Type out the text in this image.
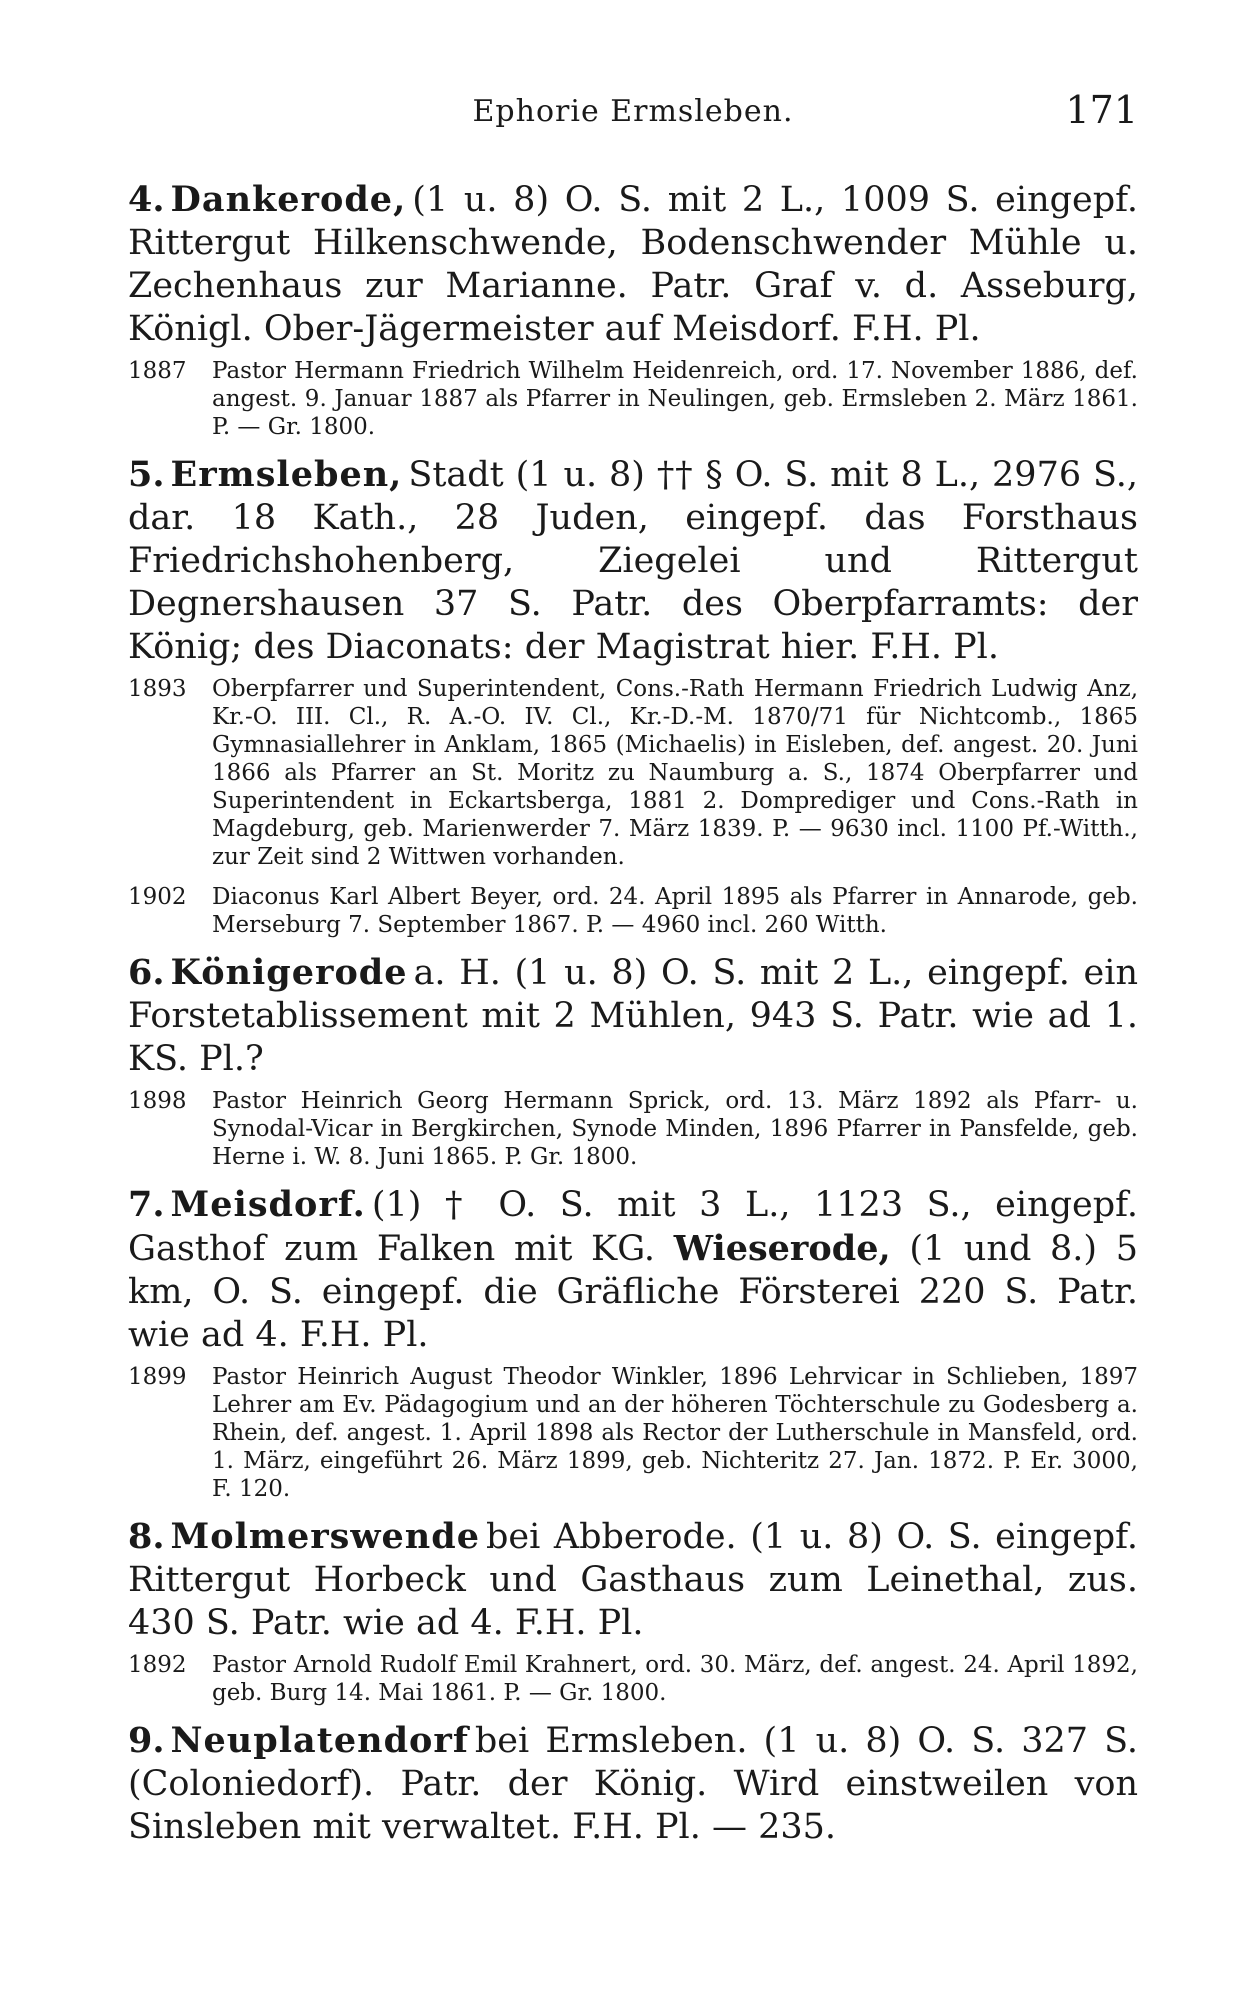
Ephorie Ermsleben.	171
4. Dankerode, (1 u. 8) O. S. mit 2 L., 1009 S. eingepf. Rittergut Hilkenschwende, Bodenschwender Mühle u. Zechenhaus zur Marianne. Patr. Graf v. d. Asseburg, Königl. Ober-Jägermeister auf Meisdorf. F.H. Pl.
1887	Pastor Hermann Friedrich Wilhelm Heidenreich, ord. 17. November 1886, def. angest. 9. Januar 1887 als Pfarrer in Neulingen, geb. Ermsleben 2. März 1861. P. — Gr. 1800.
5. Ermsleben, Stadt (1 u. 8) †† § O. S. mit 8 L., 2976 S., dar. 18 Kath., 28 Juden, eingepf. das Forsthaus Friedrichshohenberg, Ziegelei und Rittergut Degnershausen 37 S. Patr. des Oberpfarramts: der König; des Diaconats: der Magistrat hier. F.H. Pl.
1893	Oberpfarrer und Superintendent, Cons.-Rath Hermann Friedrich Ludwig Anz, Kr.-O. III. Cl., R. A.-O. IV. Cl., Kr.-D.-M. 1870/71 für Nichtcomb., 1865 Gymnasiallehrer in Anklam, 1865 (Michaelis) in Eisleben, def. angest. 20. Juni 1866 als Pfarrer an St. Moritz zu Naumburg a. S., 1874 Oberpfarrer und Superintendent in Eckartsberga, 1881 2. Domprediger und Cons.-Rath in Magdeburg, geb. Marienwerder 7. März 1839. P. — 9630 incl. 1100 Pf.-Witth., zur Zeit sind 2 Wittwen vorhanden.
1902	Diaconus Karl Albert Beyer, ord. 24. April 1895 als Pfarrer in Annarode, geb. Merseburg 7. September 1867. P. — 4960 incl. 260 Witth.
6. Königerode a. H. (1 u. 8) O. S. mit 2 L., eingepf. ein Forstetablissement mit 2 Mühlen, 943 S. Patr. wie ad 1. KS. Pl.?
1898	Pastor Heinrich Georg Hermann Sprick, ord. 13. März 1892 als Pfarr- u. Synodal-Vicar in Bergkirchen, Synode Minden, 1896 Pfarrer in Pansfelde, geb. Herne i. W. 8. Juni 1865. P. Gr. 1800.
7. Meisdorf. (1) † O. S. mit 3 L., 1123 S., eingepf. Gasthof zum Falken mit KG. Wieserode, (1 und 8.) 5 km, O. S. eingepf. die Gräfliche Försterei 220 S. Patr. wie ad 4. F.H. Pl.
1899	Pastor Heinrich August Theodor Winkler, 1896 Lehrvicar in Schlieben, 1897 Lehrer am Ev. Pädagogium und an der höheren Töchterschule zu Godesberg a. Rhein, def. angest. 1. April 1898 als Rector der Lutherschule in Mansfeld, ord. 1. März, eingeführt 26. März 1899, geb. Nichteritz 27. Jan. 1872. P. Er. 3000, F. 120.
8. Molmerswende bei Abberode. (1 u. 8) O. S. eingepf. Rittergut Horbeck und Gasthaus zum Leinethal, zus. 430 S. Patr. wie ad 4. F.H. Pl.
1892	Pastor Arnold Rudolf Emil Krahnert, ord. 30. März, def. angest. 24. April 1892, geb. Burg 14. Mai 1861. P. — Gr. 1800.
9. Neuplatendorf bei Ermsleben. (1 u. 8) O. S. 327 S. (Coloniedorf). Patr. der König. Wird einstweilen von Sinsleben mit verwaltet. F.H. Pl. — 235.
